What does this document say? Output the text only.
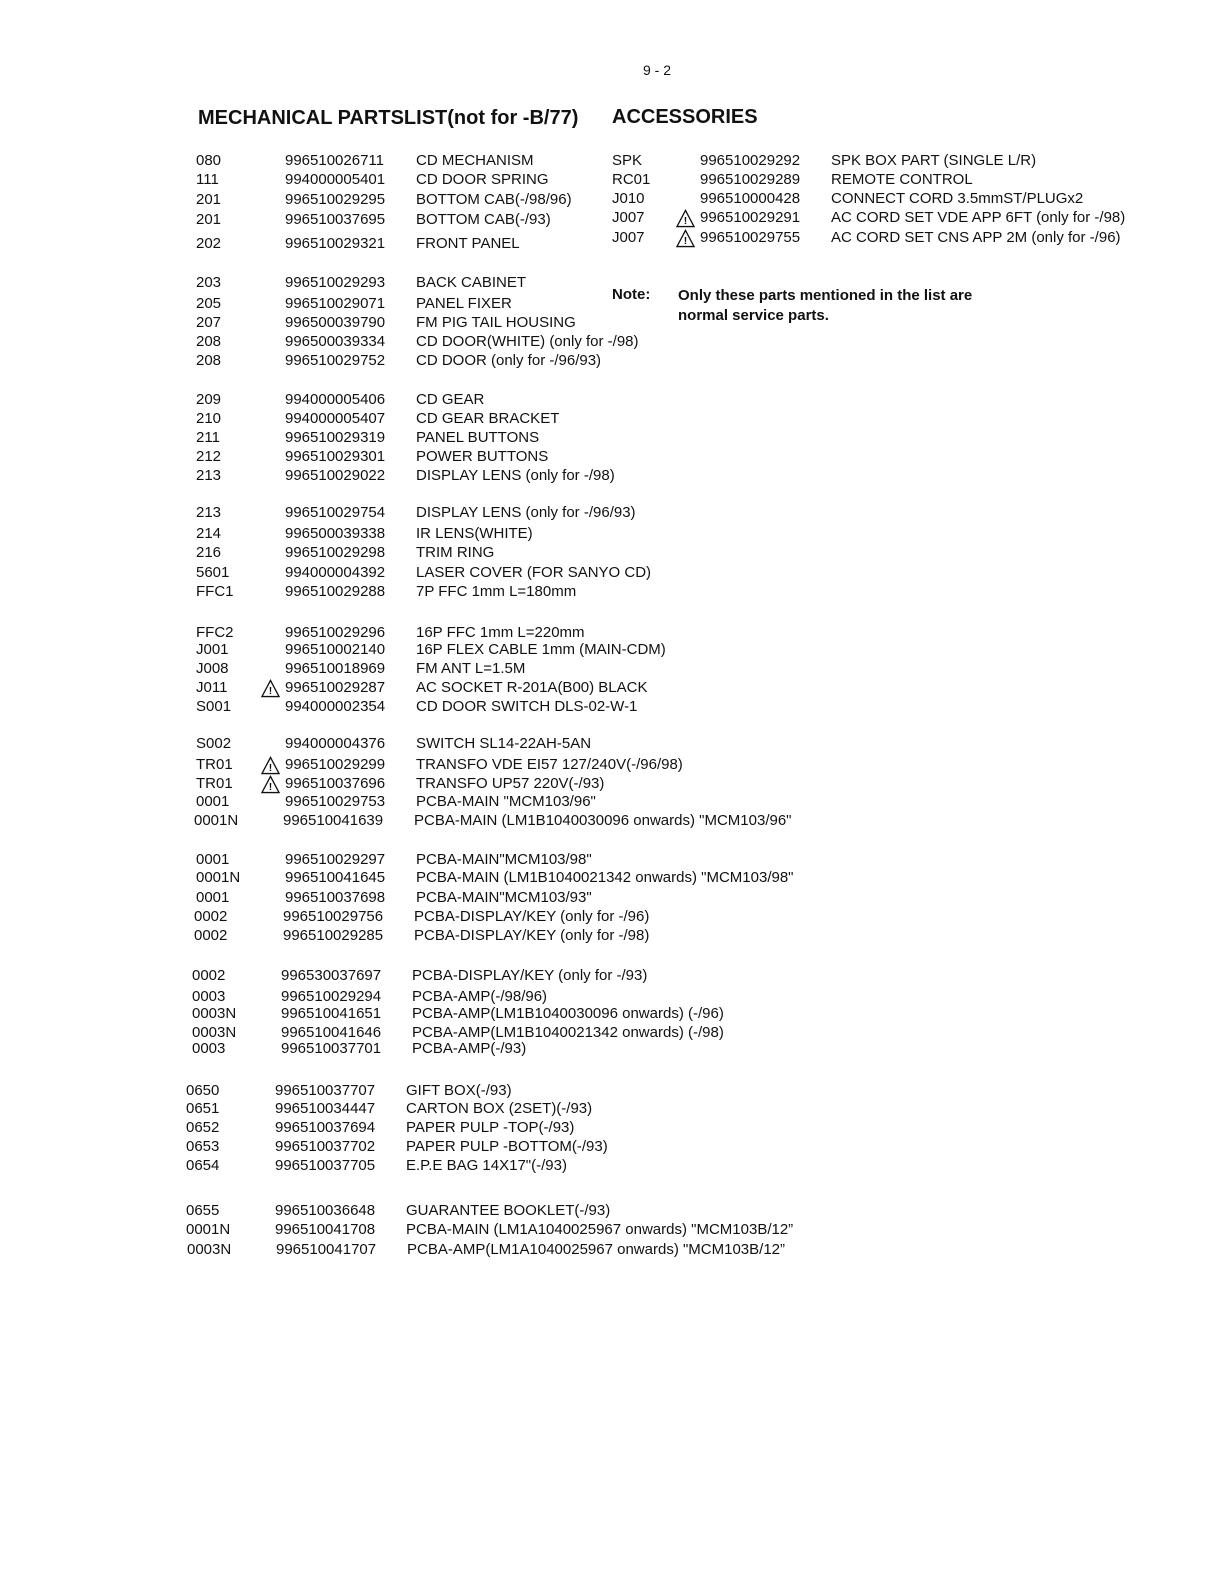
9 - 2
MECHANICAL PARTSLIST(not for -B/77) ACCESSORIES
080	996510026711 CD MECHANISM
111	994000005401 CD DOOR SPRING
201	996510029295 BOTTOM CAB(-/98/96)
201	996510037695 BOTTOM CAB(-/93)
202	996510029321 FRONT PANEL
203	996510029293 BACK CABINET
205	996510029071 PANEL FIXER
207	996500039790 FM PIG TAIL HOUSING
208	996500039334 CD DOOR(WHITE) (only for -/98)
208	996510029752 CD DOOR (only for -/96/93)
209	994000005406 CD GEAR
210	994000005407 CD GEAR BRACKET
211	996510029319 PANEL BUTTONS
212	996510029301 POWER BUTTONS
213	996510029022 DISPLAY LENS (only for -/98)
213	996510029754 DISPLAY LENS (only for -/96/93)
214	996500039338 IR LENS(WHITE)
216	996510029298 TRIM RING
5601	994000004392 LASER COVER (FOR SANYO CD)
FFC1	996510029288 7P FFC 1mm L=180mm
FFC2	996510029296 16P FFC 1mm L=220mm
J001	996510002140 16P FLEX CABLE 1mm (MAIN-CDM)
J008	996510018969 FM ANT L=1.5M
J011	996510029287 AC SOCKET R-201A(B00) BLACK
!
S001	994000002354 CD DOOR SWITCH DLS-02-W-1
S002	994000004376 SWITCH SL14-22AH-5AN
TR01	996510029299 TRANSFO VDE EI57 127/240V(-/96/98)
!
TR01	996510037696 TRANSFO UP57 220V(-/93)
!
0001	996510029753 PCBA-MAIN "MCM103/96"
0001N	996510041639 PCBA-MAIN (LM1B1040030096 onwards) "MCM103/96"
0001	996510029297 PCBA-MAIN"MCM103/98"
0001N	996510041645 PCBA-MAIN (LM1B1040021342 onwards) "MCM103/98"
0001	996510037698 PCBA-MAIN"MCM103/93"
0002	996510029756 PCBA-DISPLAY/KEY (only for -/96)
0002	996510029285 PCBA-DISPLAY/KEY (only for -/98)
0002	996530037697 PCBA-DISPLAY/KEY (only for -/93)
0003	996510029294 PCBA-AMP(-/98/96)
0003N	996510041651 PCBA-AMP(LM1B1040030096 onwards) (-/96)
0003N	996510041646 PCBA-AMP(LM1B1040021342 onwards) (-/98)
0003	996510037701 PCBA-AMP(-/93)
0650	996510037707 GIFT BOX(-/93)
0651	996510034447 CARTON BOX (2SET)(-/93)
0652	996510037694 PAPER PULP -TOP(-/93)
0653	996510037702 PAPER PULP -BOTTOM(-/93)
0654	996510037705 E.P.E BAG 14X17"(-/93)
0655	996510036648 GUARANTEE BOOKLET(-/93)
0001N	996510041708 PCBA-MAIN (LM1A1040025967 onwards) "MCM103B/12”
0003N	996510041707 PCBA-AMP(LM1A1040025967 onwards) "MCM103B/12”
SPK	996510029292 SPK BOX PART (SINGLE L/R)
RC01	996510029289 REMOTE CONTROL
J010	996510000428 CONNECT CORD 3.5mmST/PLUGx2
J007	996510029291 AC CORD SET VDE APP 6FT (only for -/98)
!
J007	996510029755 AC CORD SET CNS APP 2M (only for -/96)
!
Note: Only these parts mentioned in the list are normal service parts.
